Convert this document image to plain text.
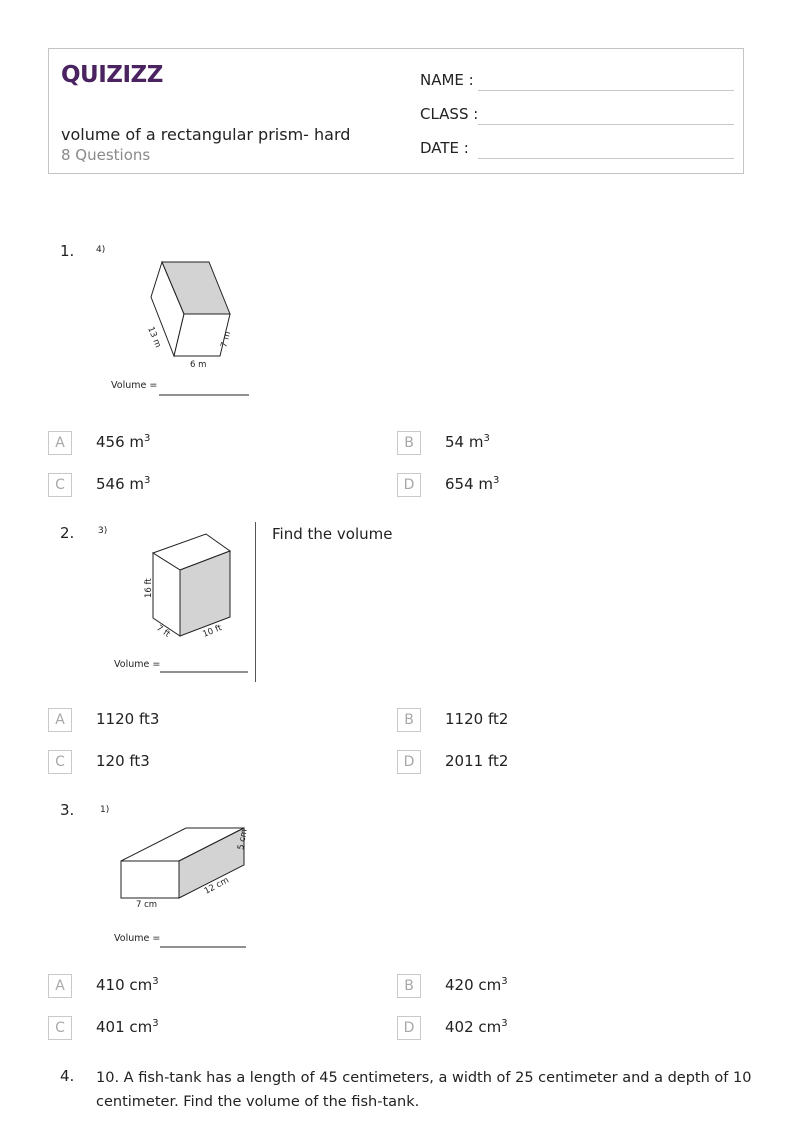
QUIZIZZ
volume of a rectangular prism- hard
8 Questions
NAME :
CLASS :
DATE :
1. 4)
13 m
6 m
7 m
Volume =
A	456 $m^3$	B	54 $m^3$
C	546 $m^3$	D	654 $m^3$
2.	3)
16 ft
7 ft	10 ft
Volume =
Find the volume
A	1120 ft3	B	1120 ft2
C	120 ft3	D	2011 ft2
3.	1)
5 cm
12 cm
7 cm
Volume =
A	410 $cm^3$	B	420 $cm^3$
C	401 $cm^3$	D	402 $cm^3$
4. 10. A fish-tank has a length of 45 centimeters, a width of 25 centimeter and a depth of 10 centimeter. Find the volume of the fish-tank.
